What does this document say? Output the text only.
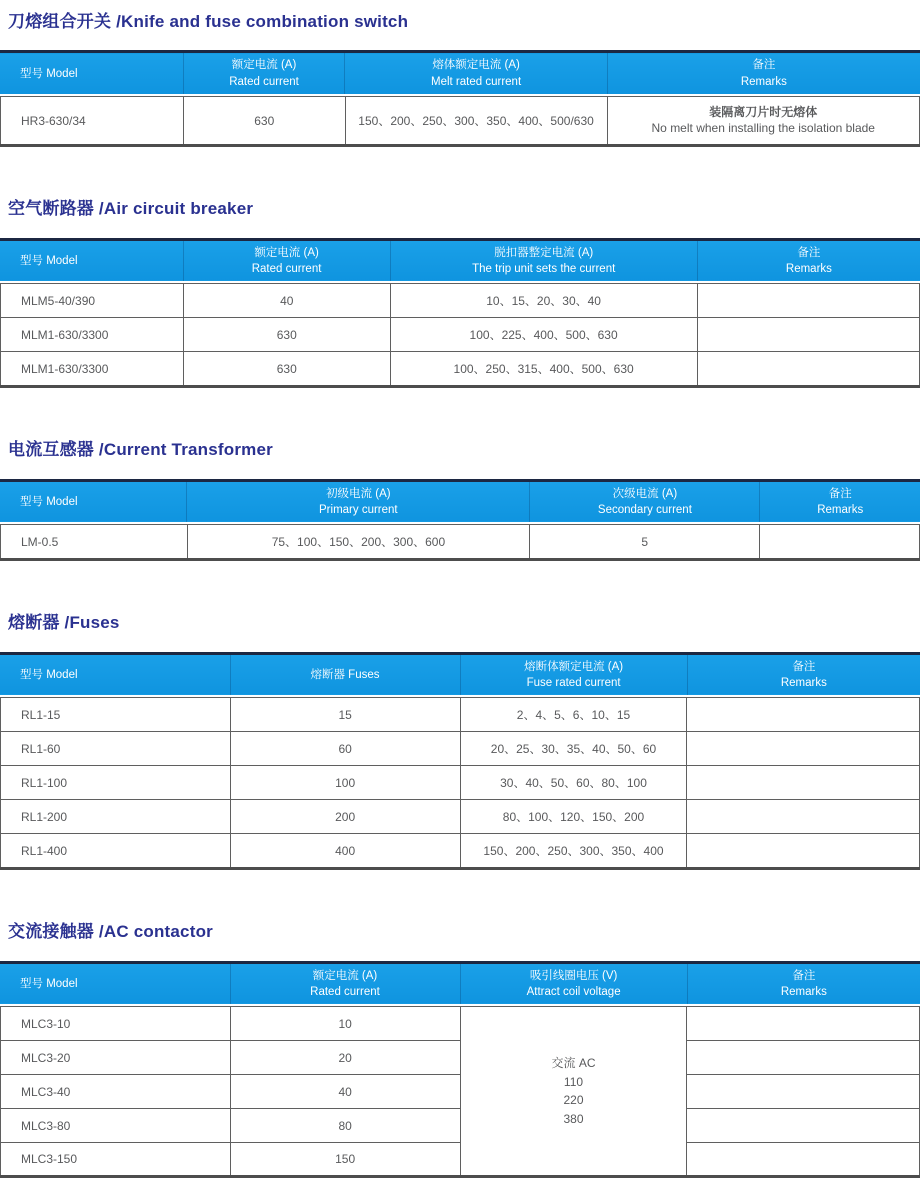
刀熔组合开关 /Knife and fuse combination switch
型号 Model

额定电流 (A)
Rated current

熔体额定电流 (A)
Melt rated current

备注
Remarks
HR3-630/34	630	150、200、250、300、350、400、500/630	
装隔离刀片时无熔体
No melt when installing the isolation blade
空气断路器 /Air circuit breaker
型号 Model

额定电流 (A)
Rated current

脱扣器整定电流 (A)
The trip unit sets the current

备注
Remarks
MLM5-40/390	40	10、15、20、30、40	
MLM1-630/3300	630	100、225、400、500、630	
MLM1-630/3300	630	100、250、315、400、500、630	
电流互感器 /Current Transformer
型号 Model

初级电流 (A)
Primary current

次级电流 (A)
Secondary current

备注
Remarks
LM-0.5	75、100、150、200、300、600	5	
熔断器 /Fuses
型号 Model	熔断器 Fuses

熔断体额定电流 (A)
Fuse rated current

备注
Remarks
RL1-15	15	2、4、5、6、10、15	
RL1-60	60	20、25、30、35、40、50、60	
RL1-100	100	30、40、50、60、80、100	
RL1-200	200	80、100、120、150、200	
RL1-400	400	150、200、250、300、350、400	
交流接触器 /AC contactor
型号 Model

额定电流 (A)
Rated current

吸引线圈电压 (V)
Attract coil voltage

备注
Remarks
MLC3-10	10	交流 AC
110
220
380	

MLC3-20	20		
MLC3-40	40		
MLC3-80	80		
MLC3-150	150		
